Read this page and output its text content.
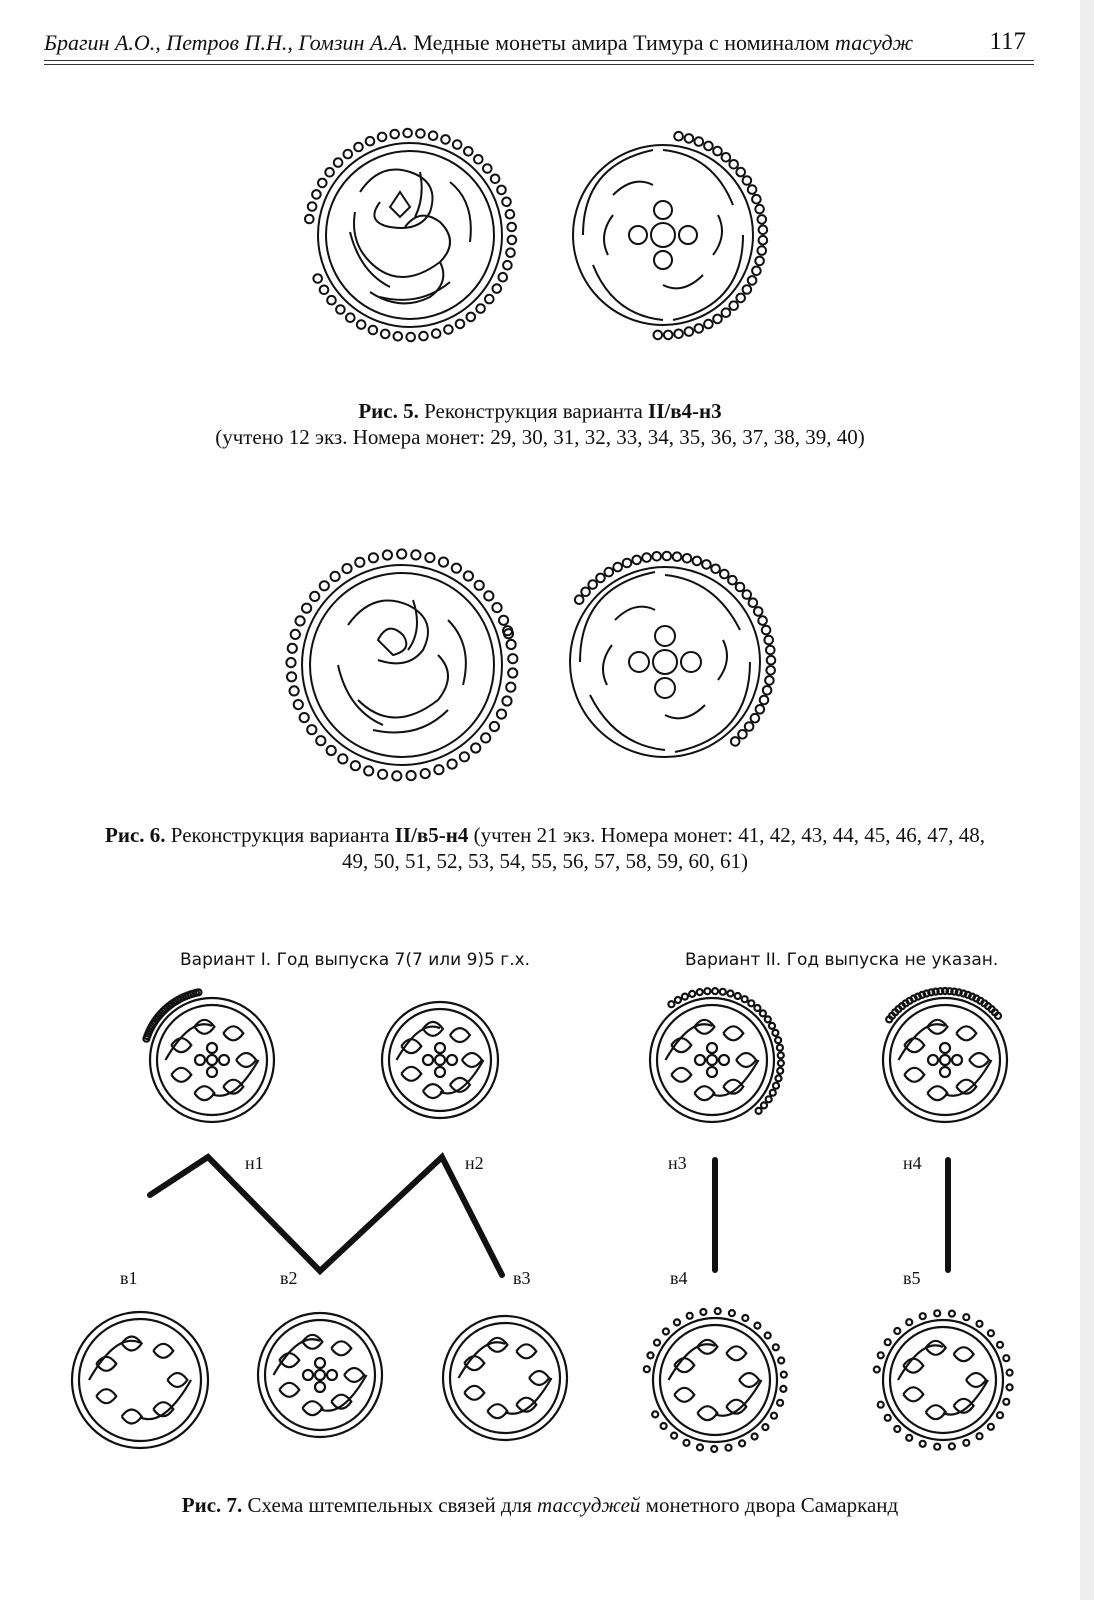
Брагин А.О., Петров П.Н., Гомзин А.А. Медные монеты амира Тимура с номиналом тасудж	117
Рис. 5. Реконструкция варианта II/в4-н3
(учтено 12 экз. Номера монет: 29, 30, 31, 32, 33, 34, 35, 36, 37, 38, 39, 40)
Рис. 6. Реконструкция варианта II/в5-н4 (учтен 21 экз. Номера монет: 41, 42, 43, 44, 45, 46, 47, 48,
49, 50, 51, 52, 53, 54, 55, 56, 57, 58, 59, 60, 61)
Вариант I. Год выпуска 7(7 или 9)5 г.х.	Вариант II. Год выпуска не указан.
н1	н2	н3	н4
в1	в2	в3	в4	в5
Рис. 7. Схема штемпельных связей для тассуджей монетного двора Самарканд
